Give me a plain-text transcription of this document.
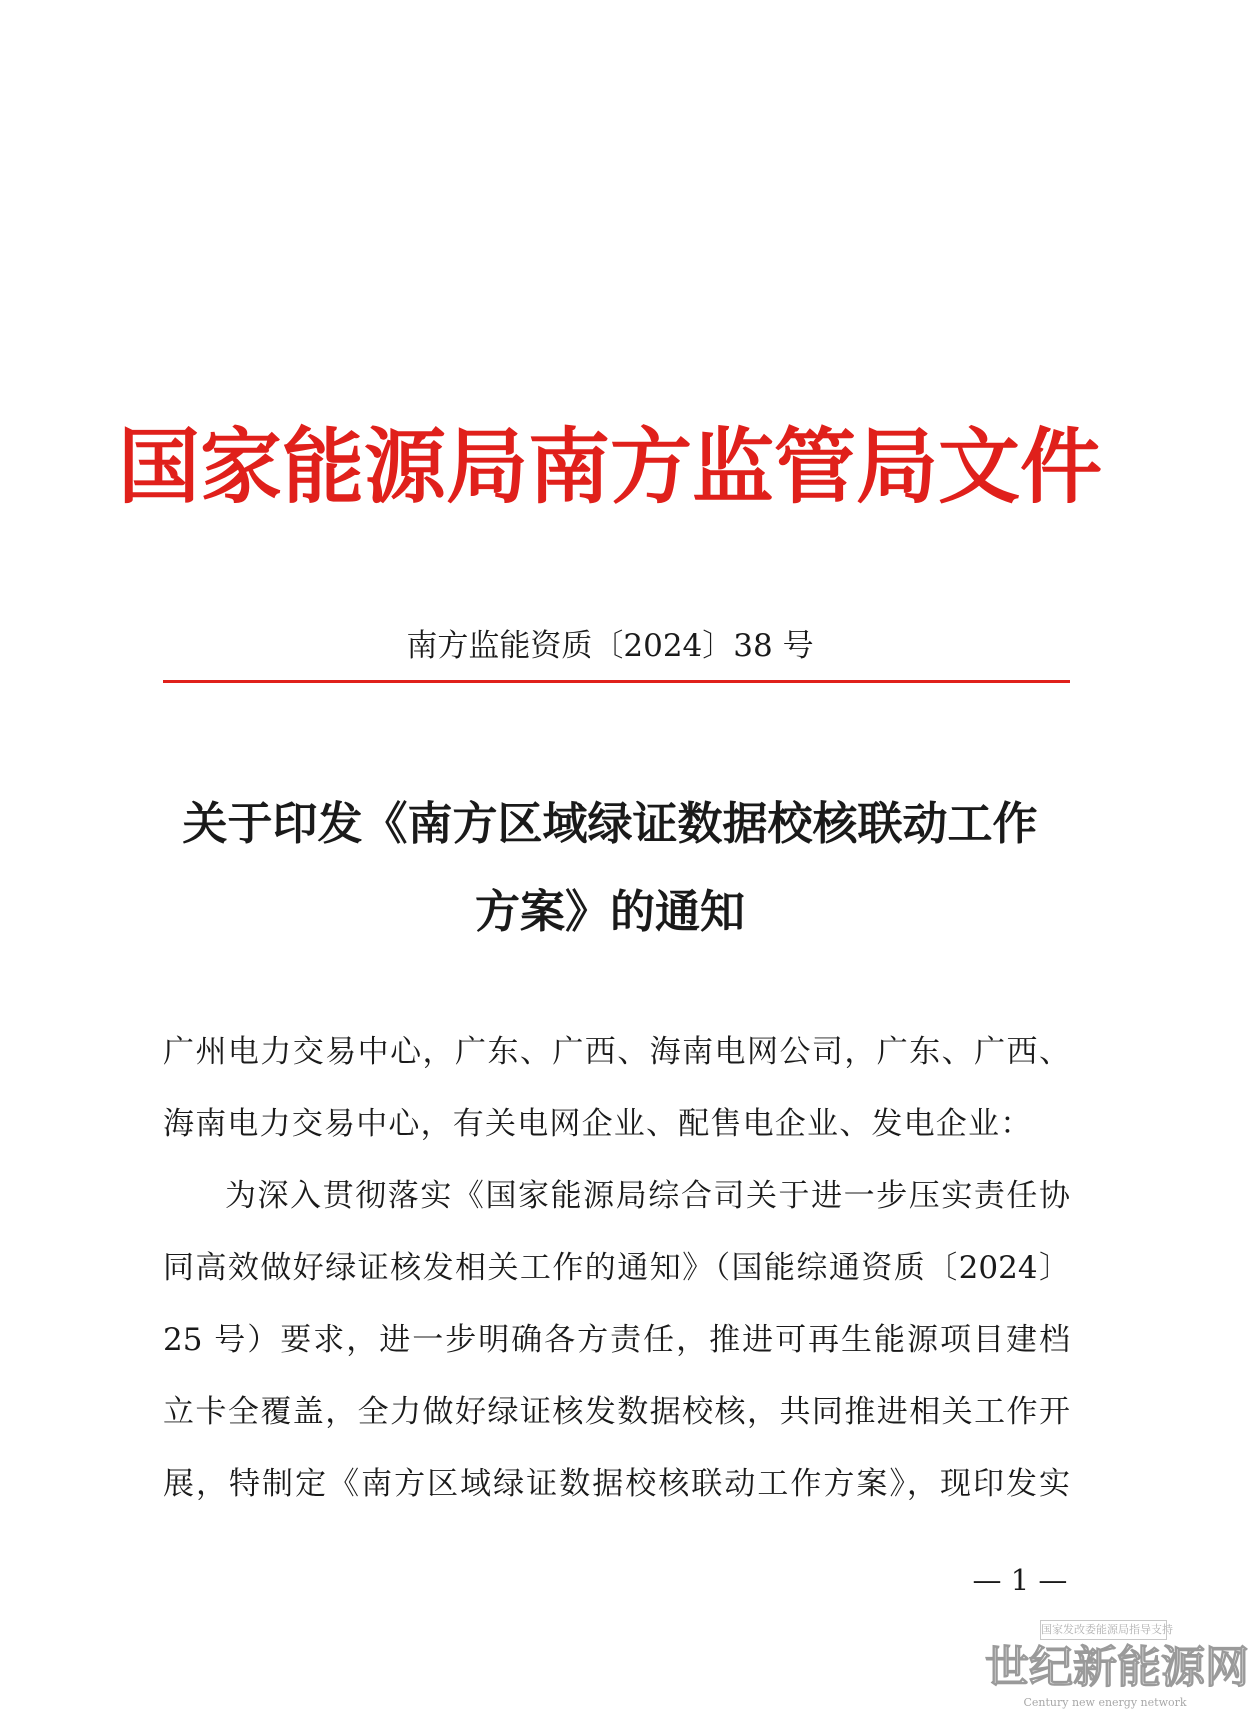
国家能源局南方监管局文件
南方监能资质〔2024〕38 号
关于印发《南方区域绿证数据校核联动工作
方案》的通知
广州电力交易中心，广东、广西、海南电网公司，广东、广西、
海南电力交易中心，有关电网企业、配售电企业、发电企业：
为深入贯彻落实《国家能源局综合司关于进一步压实责任协
同高效做好绿证核发相关工作的通知》（国能综通资质〔2024〕
25 号）要求，进一步明确各方责任，推进可再生能源项目建档
立卡全覆盖，全力做好绿证核发数据校核，共同推进相关工作开
展，特制定《南方区域绿证数据校核联动工作方案》，现印发实
— 1 —
国家发改委能源局指导支持
世纪新能源网
Century new energy network
